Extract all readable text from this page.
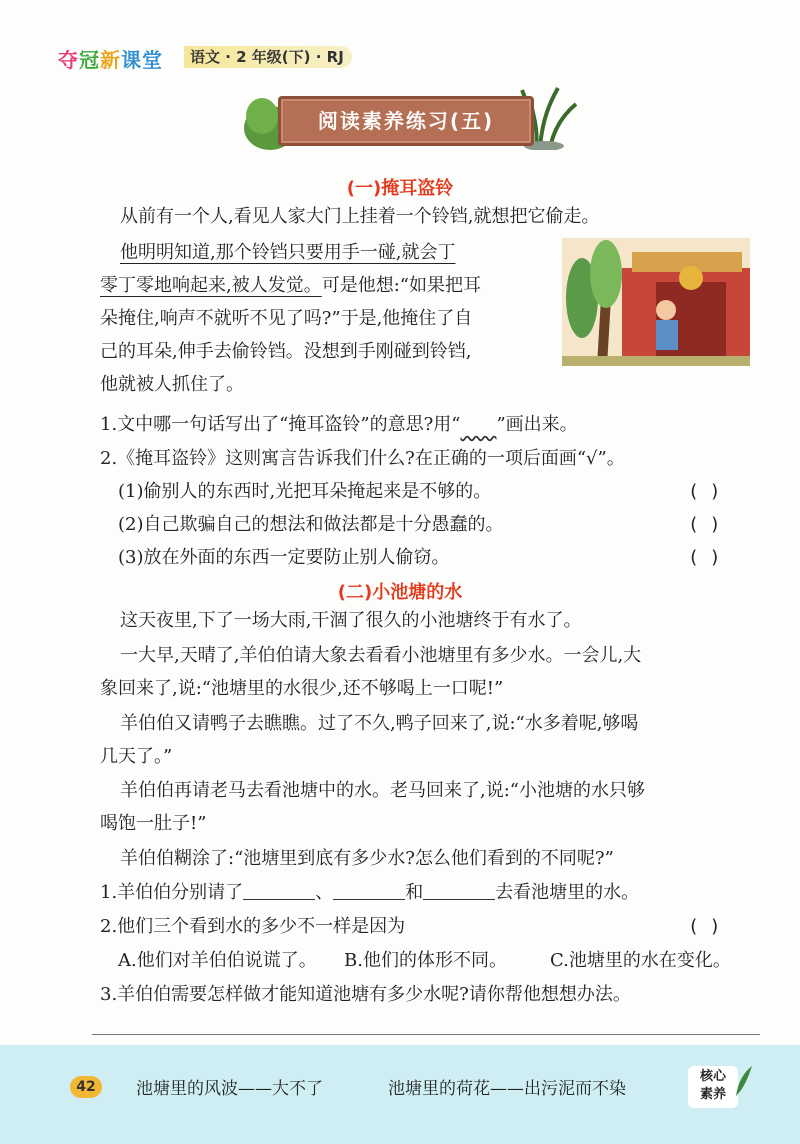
夺冠新课堂	语文 · 2 年级(下) · RJ
阅读素养练习(五)
(一)掩耳盗铃
从前有一个人,看见人家大门上挂着一个铃铛,就想把它偷走。
他明明知道,那个铃铛只要用手一碰,就会丁
零丁零地响起来,被人发觉。可是他想:“如果把耳
朵掩住,响声不就听不见了吗?”于是,他掩住了自
己的耳朵,伸手去偷铃铛。没想到手刚碰到铃铛,
他就被人抓住了。
1.文中哪一句话写出了“掩耳盗铃”的意思?用“　　 ”画出来。
2.《掩耳盗铃》这则寓言告诉我们什么?在正确的一项后面画“√”。
(1)偷别人的东西时,光把耳朵掩起来是不够的。	( )
(2)自己欺骗自己的想法和做法都是十分愚蠢的。	( )
(3)放在外面的东西一定要防止别人偷窃。	( )
(二)小池塘的水
这天夜里,下了一场大雨,干涸了很久的小池塘终于有水了。
一大早,天晴了,羊伯伯请大象去看看小池塘里有多少水。一会儿,大
象回来了,说:“池塘里的水很少,还不够喝上一口呢!”
羊伯伯又请鸭子去瞧瞧。过了不久,鸭子回来了,说:“水多着呢,够喝
几天了。”
羊伯伯再请老马去看池塘中的水。老马回来了,说:“小池塘的水只够
喝饱一肚子!”
羊伯伯糊涂了:“池塘里到底有多少水?怎么他们看到的不同呢?”
1.羊伯伯分别请了	、	和	去看池塘里的水。
2.他们三个看到水的多少不一样是因为	( )
A.他们对羊伯伯说谎了。 B.他们的体形不同。 C.池塘里的水在变化。
3.羊伯伯需要怎样做才能知道池塘有多少水呢?请你帮他想想办法。
42	池塘里的风波——大不了	池塘里的荷花——出污泥而不染
核心
素养
